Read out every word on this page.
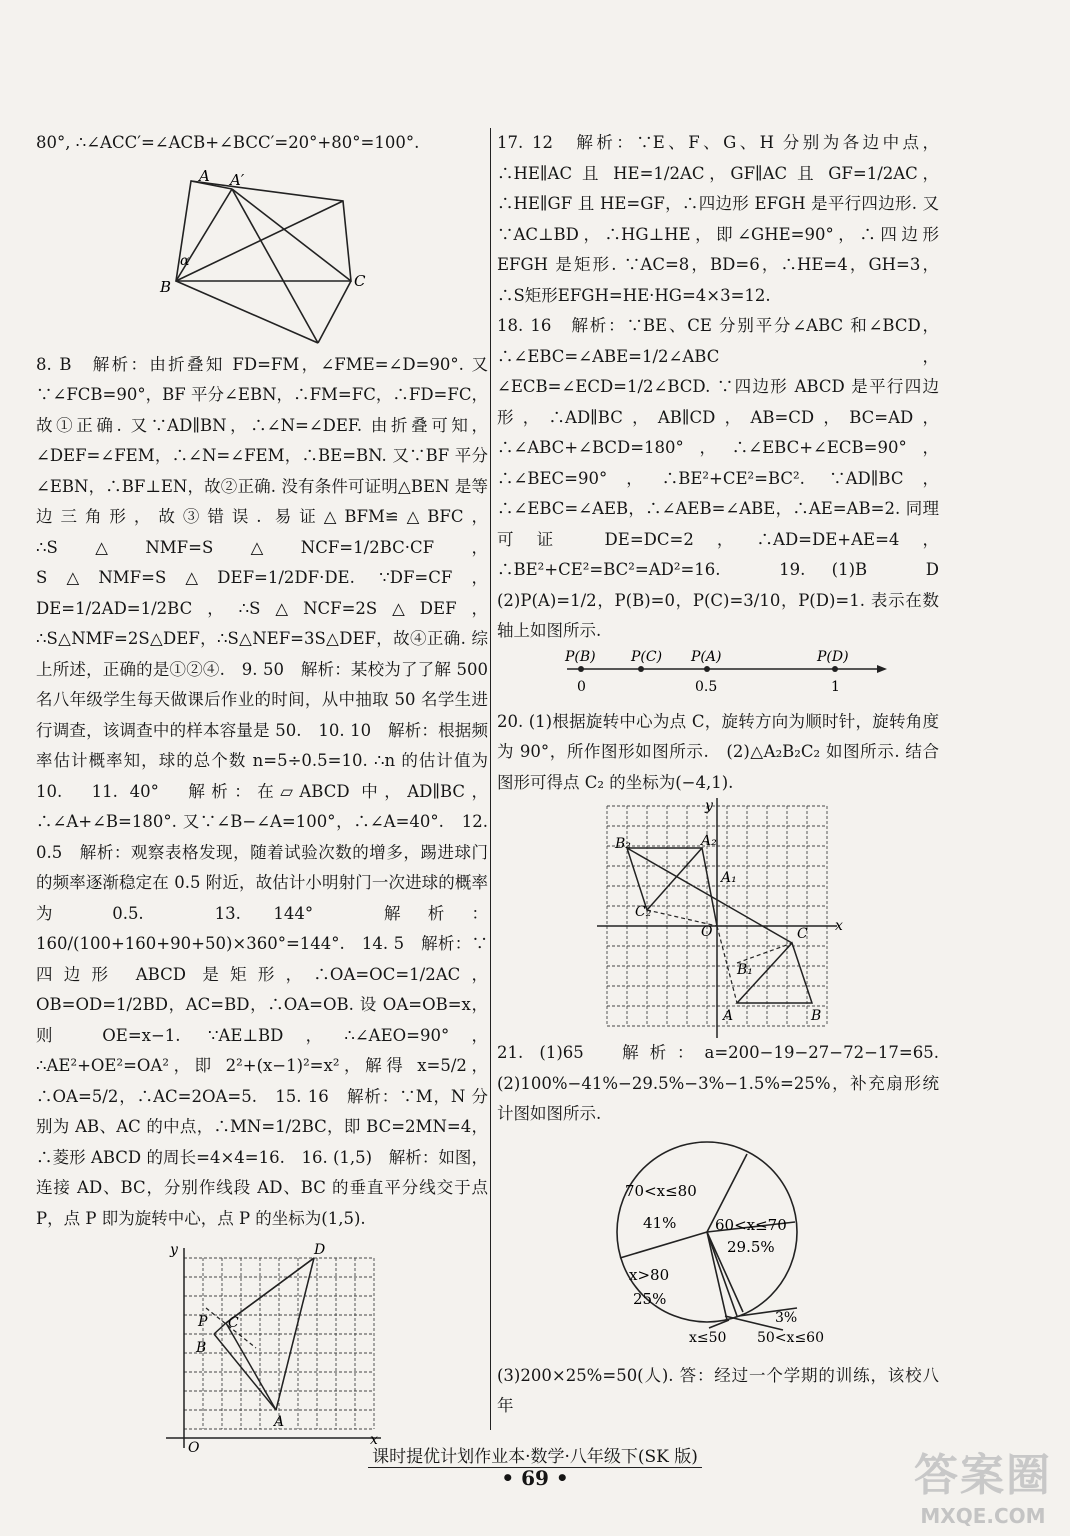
80°, ∴∠ACC′=∠ACB+∠BCC′=20°+80°=100°.

A A′
α
B	C

8. B　解析：由折叠知 FD=FM，∠FME=∠D=90°. 又∵∠FCB=90°，BF 平分∠EBN，∴FM=FC，∴FD=FC，故①正确. 又∵AD∥BN，∴∠N=∠DEF. 由折叠可知，∠DEF=∠FEM，∴∠N=∠FEM，∴BE=BN. 又∵BF 平分∠EBN，∴BF⊥EN，故②正确. 没有条件可证明△BEN 是等边三角形，故③错误. 易证△BFM≌△BFC，∴S△NMF=S△NCF=1/2BC·CF，S△NMF=S△DEF=1/2DF·DE. ∵DF=CF，DE=1/2AD=1/2BC，∴S△NCF=2S△DEF，∴S△NMF=2S△DEF，∴S△NEF=3S△DEF，故④正确. 综上所述，正确的是①②④.　9. 50　解析：某校为了了解 500 名八年级学生每天做课后作业的时间，从中抽取 50 名学生进行调查，该调查中的样本容量是 50.　10. 10　解析：根据频率估计概率知，球的总个数 n=5÷0.5=10. ∴n 的估计值为 10.　11. 40°　解析：在▱ABCD 中，AD∥BC，∴∠A+∠B=180°. 又∵∠B−∠A=100°，∴∠A=40°.　12. 0.5　解析：观察表格发现，随着试验次数的增多，踢进球门的频率逐渐稳定在 0.5 附近，故估计小明射门一次进球的概率为 0.5.　13. 144°　解析：160/(100+160+90+50)×360°=144°.　14. 5　解析：∵四边形 ABCD 是矩形，∴OA=OC=1/2AC，OB=OD=1/2BD，AC=BD，∴OA=OB. 设 OA=OB=x，则 OE=x−1. ∵AE⊥BD，∴∠AEO=90°，∴AE²+OE²=OA²，即 2²+(x−1)²=x²，解得 x=5/2，∴OA=5/2，∴AC=2OA=5.　15. 16　解析：∵M，N 分别为 AB、AC 的中点，∴MN=1/2BC，即 BC=2MN=4，∴菱形 ABCD 的周长=4×4=16.　16. (1,5)　解析：如图，连接 AD、BC，分别作线段 AD、BC 的垂直平分线交于点 P，点 P 即为旋转中心，点 P 的坐标为(1,5).

y	D
P C
B
A
O	x

17. 12　解析：∵E、F、G、H 分别为各边中点，∴HE∥AC 且 HE=1/2AC，GF∥AC 且 GF=1/2AC，∴HE∥GF 且 HE=GF，∴四边形 EFGH 是平行四边形. 又∵AC⊥BD，∴HG⊥HE，即∠GHE=90°，∴四边形 EFGH 是矩形. ∵AC=8，BD=6，∴HE=4，GH=3，∴S矩形EFGH=HE·HG=4×3=12.

18. 16　解析：∵BE、CE 分别平分∠ABC 和∠BCD，∴∠EBC=∠ABE=1/2∠ABC，∠ECB=∠ECD=1/2∠BCD. ∵四边形 ABCD 是平行四边形，∴AD∥BC，AB∥CD，AB=CD，BC=AD，∴∠ABC+∠BCD=180°，∴∠EBC+∠ECB=90°，∴∠BEC=90°，∴BE²+CE²=BC². ∵AD∥BC，∴∠EBC=∠AEB，∴∠AEB=∠ABE，∴AE=AB=2. 同理可证 DE=DC=2，∴AD=DE+AE=4，∴BE²+CE²=BC²=AD²=16.　19. (1)B　D　(2)P(A)=1/2，P(B)=0，P(C)=3/10，P(D)=1. 表示在数轴上如图所示.

P(B)	P(C) P(A)	P(D)
0	0.5	1

20. (1)根据旋转中心为点 C，旋转方向为顺时针，旋转角度为 90°，所作图形如图所示.　(2)△A₂B₂C₂ 如图所示. 结合图形可得点 C₂ 的坐标为(−4,1).

y
B₂	A₂
A₁
C₂
O	C x
B₁
A	B

21. (1)65　解析：a=200−19−27−72−17=65.　(2)100%−41%−29.5%−3%−1.5%=25%，补充扇形统计图如图所示.

70<x≤80
41%	60<x≤70
29.5%
x>80
25%
3%
x≤50 50<x≤60

(3)200×25%=50(人). 答：经过一个学期的训练，该校八年

课时提优计划作业本·数学·八年级下(SK 版)
• 69 •	答案圈
MXQE.COM
